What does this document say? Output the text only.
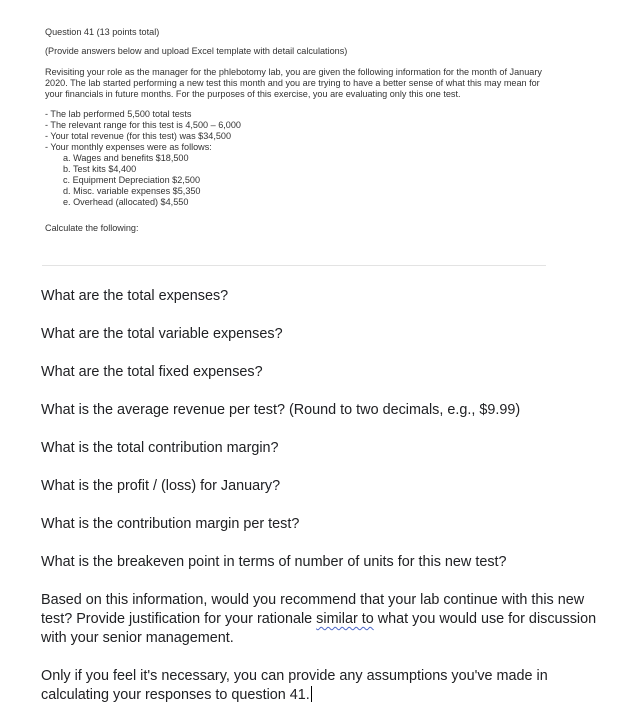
Question 41 (13 points total)

(Provide answers below and upload Excel template with detail calculations)

Revisiting your role as the manager for the phlebotomy lab, you are given the following information for the month of January 2020. The lab started performing a new test this month and you are trying to have a better sense of what this may mean for your financials in future months. For the purposes of this exercise, you are evaluating only this one test.

- The lab performed 5,500 total tests
- The relevant range for this test is 4,500 – 6,000
- Your total revenue (for this test) was $34,500
- Your monthly expenses were as follows:
a. Wages and benefits $18,500
b. Test kits $4,400
c. Equipment Depreciation $2,500
d. Misc. variable expenses $5,350
e. Overhead (allocated) $4,550

Calculate the following:

What are the total expenses?

What are the total variable expenses?

What are the total fixed expenses?

What is the average revenue per test? (Round to two decimals, e.g., $9.99)

What is the total contribution margin?

What is the profit / (loss) for January?

What is the contribution margin per test?

What is the breakeven point in terms of number of units for this new test?

Based on this information, would you recommend that your lab continue with this new test? Provide justification for your rationale similar to what you would use for discussion with your senior management.

Only if you feel it's necessary, you can provide any assumptions you've made in calculating your responses to question 41.
